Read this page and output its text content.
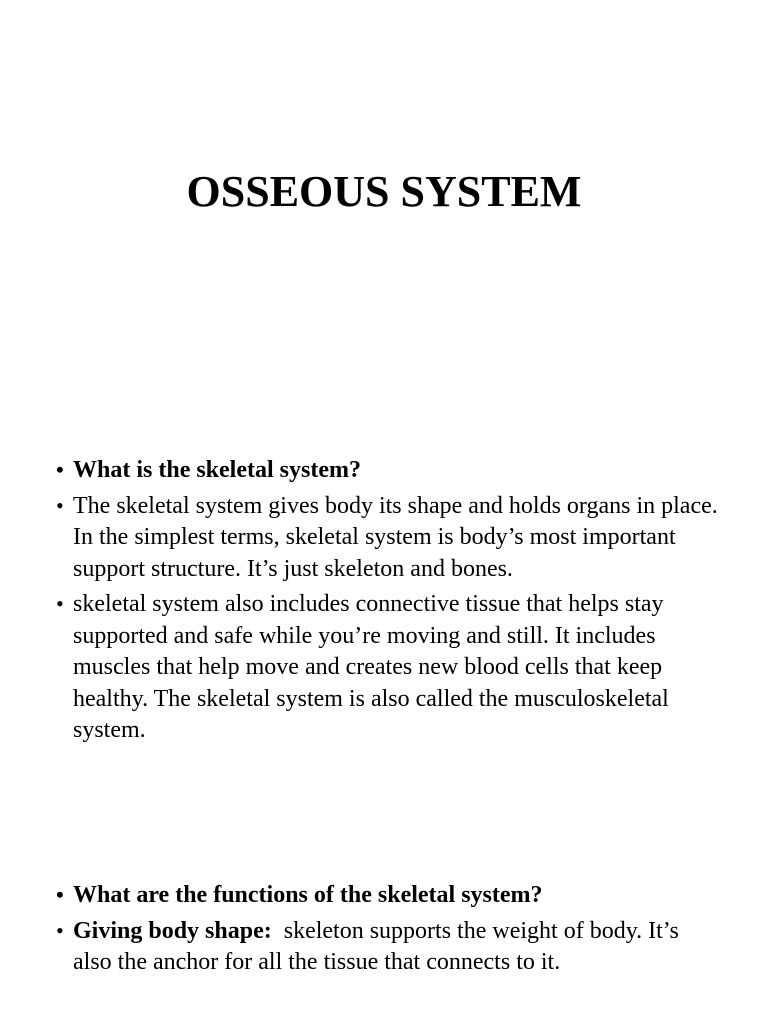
OSSEOUS SYSTEM
• What is the skeletal system?
• The skeletal system gives body its shape and holds organs in place. In the simplest terms, skeletal system is body’s most important support structure. It’s just skeleton and bones.
• skeletal system also includes connective tissue that helps stay supported and safe while you’re moving and still. It includes muscles that help move and creates new blood cells that keep healthy. The skeletal system is also called the musculoskeletal system.
• What are the functions of the skeletal system?
• Giving body shape: skeleton supports the weight of body. It’s also the anchor for all the tissue that connects to it.
